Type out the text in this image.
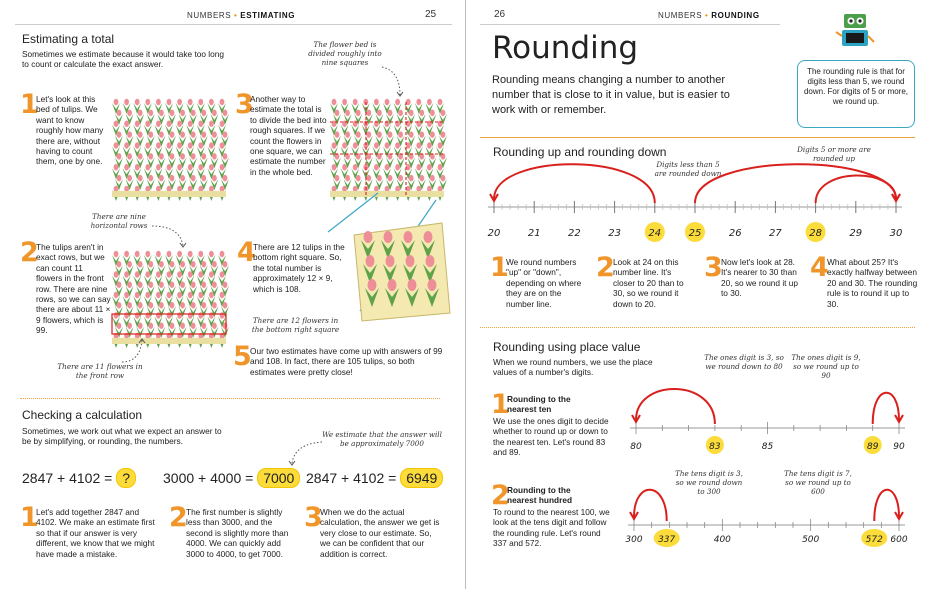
NUMBERS • ESTIMATING	25
Estimating a total
Sometimes we estimate because it would take too long to count or calculate the exact answer.
1
Let's look at this bed of tulips. We want to know roughly how many there are, without having to count them, one by one.
3
Another way to estimate the total is to divide the bed into rough squares. If we count the flowers in one square, we can estimate the number in the whole bed.
The flower bed is divided roughly into nine squares
There are nine horizontal rows
2
The tulips aren't in exact rows, but we can count 11 flowers in the front row. There are nine rows, so we can say there are about 11 × 9 flowers, which is 99.
There are 11 flowers in the front row
4
There are 12 tulips in the bottom right square. So, the total number is approximately 12 × 9, which is 108.
There are 12 flowers in the bottom right square
5
Our two estimates have come up with answers of 99 and 108. In fact, there are 105 tulips, so both estimates were pretty close!
Checking a calculation
Sometimes, we work out what we expect an answer to be by simplifying, or rounding, the numbers.
We estimate that the answer will be approximately 7000
2847 + 4102 = ?	3000 + 4000 = 7000 2847 + 4102 = 6949
1
Let's add together 2847 and 4102. We make an estimate first so that if our answer is very different, we know that we might have made a mistake.
2
The first number is slightly less than 3000, and the second is slightly more than 4000. We can quickly add 3000 to 4000, to get 7000.
3
When we do the actual calculation, the answer we get is very close to our estimate. So, we can be confident that our addition is correct.
26	NUMBERS • ROUNDING
The rounding rule is that for digits less than 5, we round down. For digits of 5 or more, we round up.
Rounding
Rounding means changing a number to another number that is close to it in value, but is easier to work with or remember.
Rounding up and rounding down
Digits less than 5 are rounded down
Digits 5 or more are rounded up
20	21	22	23	24	25	26	27	28	29	30
1
We round numbers "up" or "down", depending on where they are on the number line.
2
Look at 24 on this number line. It's closer to 20 than to 30, so we round it down to 20.
3
Now let's look at 28. It's nearer to 30 than 20, so we round it up to 30.
4
What about 25? It's exactly halfway between 20 and 30. The rounding rule is to round it up to 30.
Rounding using place value
When we round numbers, we use the place values of a number's digits.
1
Rounding to the nearest ten
We use the ones digit to decide whether to round up or down to the nearest ten. Let's round 83 and 89.
The ones digit is 3, so we round down to 80
The ones digit is 9, so we round up to 90
80	83	85	89 90
2
Rounding to the nearest hundred
To round to the nearest 100, we look at the tens digit and follow the rounding rule. Let's round 337 and 572.
The tens digit is 3, so we round down to 300
The tens digit is 7, so we round up to 600
300 337	400	500	572 600
